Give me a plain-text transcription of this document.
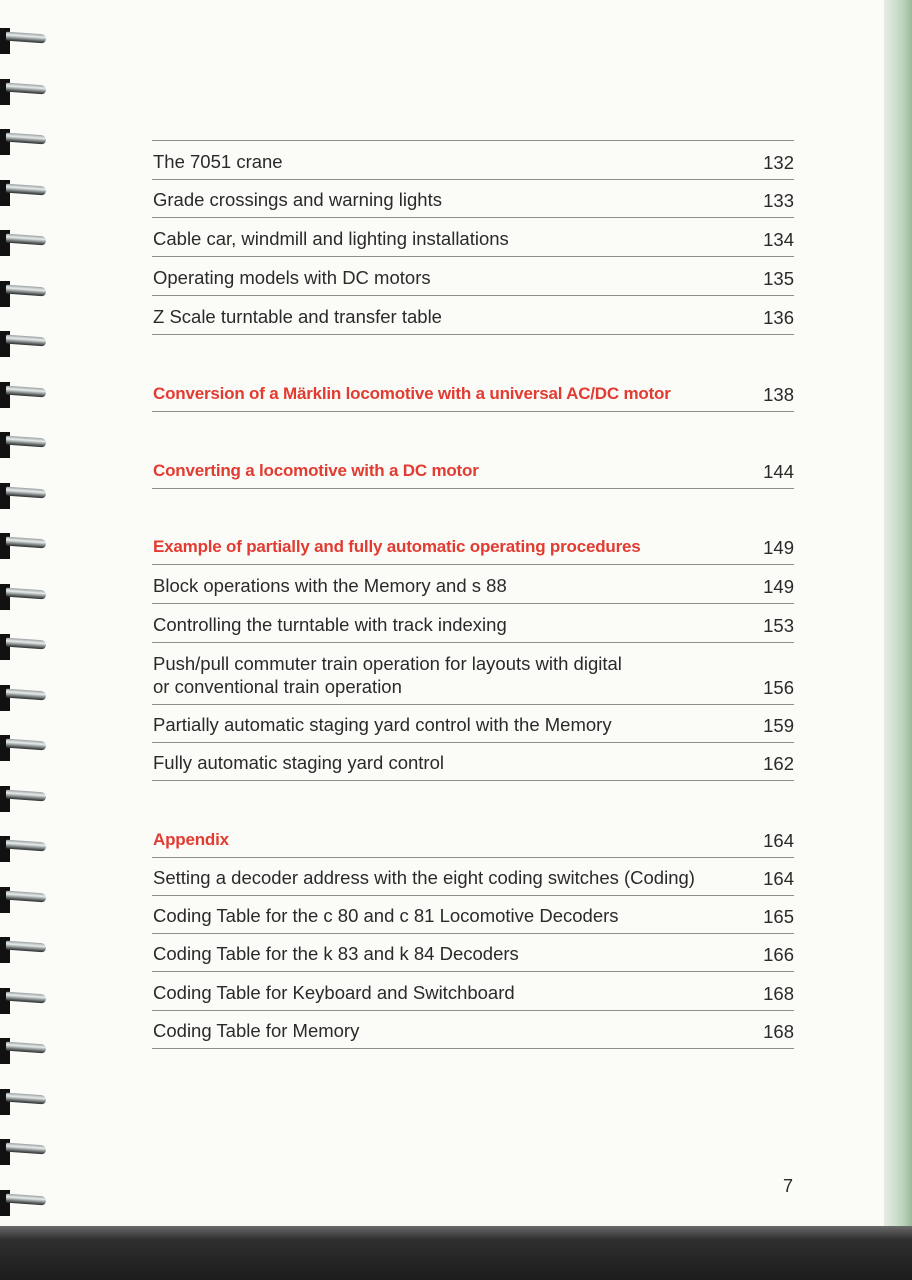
The 7051 crane	132
Grade crossings and warning lights	133
Cable car, windmill and lighting installations	134
Operating models with DC motors	135
Z Scale turntable and transfer table	136
Conversion of a Märklin locomotive with a universal AC/DC motor	138
Converting a locomotive with a DC motor	144
Example of partially and fully automatic operating procedures	149
Block operations with the Memory and s 88	149
Controlling the turntable with track indexing	153
Push/pull commuter train operation for layouts with digital
or conventional train operation	156
Partially automatic staging yard control with the Memory	159
Fully automatic staging yard control	162
Appendix	164
Setting a decoder address with the eight coding switches (Coding)	164
Coding Table for the c 80 and c 81 Locomotive Decoders	165
Coding Table for the k 83 and k 84 Decoders	166
Coding Table for Keyboard and Switchboard	168
Coding Table for Memory	168
7
